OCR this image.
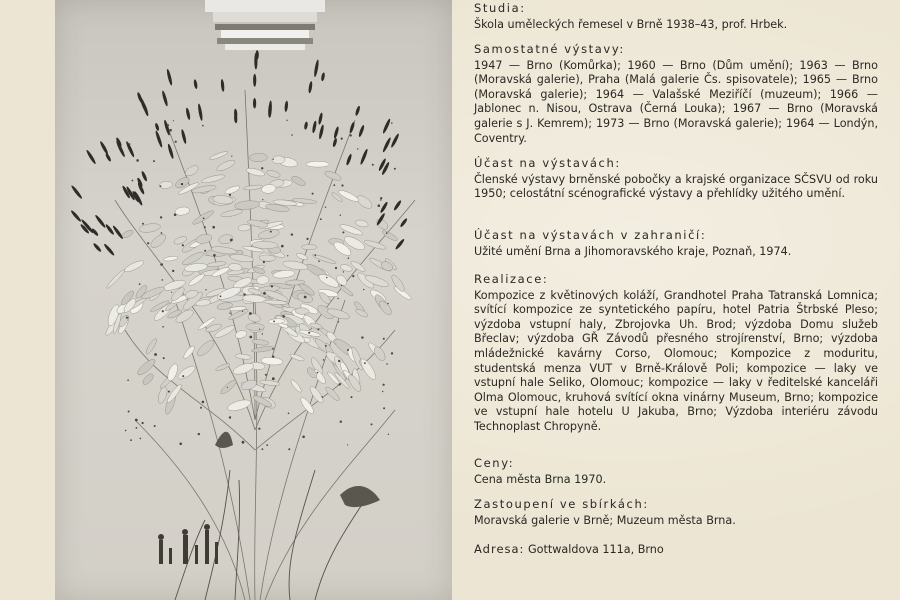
Studia:

Škola uměleckých řemesel v Brně 1938–43, prof. Hrbek.

Samostatné výstavy:

1947 — Brno (Komůrka); 1960 — Brno (Dům umění); 1963 — Brno (Moravská galerie), Praha (Malá galerie Čs. spisovatele); 1965 — Brno (Moravská galerie); 1964 — Valašské Meziříčí (muzeum); 1966 — Jablonec n. Nisou, Ostrava (Černá Louka); 1967 — Brno (Moravská galerie s J. Kemrem); 1973 — Brno (Moravská galerie); 1964 — Londýn, Coventry.

Účast na výstavách:

Členské výstavy brněnské pobočky a krajské organizace SČSVU od roku 1950; celostátní scénografické výstavy a přehlídky užitého umění.

Účast na výstavách v zahraničí:

Užité umění Brna a Jihomoravského kraje, Poznaň, 1974.

Realizace:

Kompozice z květinových koláží, Grandhotel Praha Tatranská Lomnica; svítící kompozice ze syntetického papíru, hotel Patria Štrbské Pleso; výzdoba vstupní haly, Zbrojovka Uh. Brod; výzdoba Domu služeb Břeclav; výzdoba GŘ Závodů přesného strojírenství, Brno; výzdoba mládežnické kavárny Corso, Olomouc; Kompozice z moduritu, studentská menza VUT v Brně-Králově Poli; kompozice — laky ve vstupní hale Seliko, Olomouc; kompozice — laky v ředitelské kanceláři Olma Olomouc, kruhová svítící okna vinárny Museum, Brno; kompozice ve vstupní hale hotelu U Jakuba, Brno; Výzdoba interiéru závodu Technoplast Chropyně.

Ceny:

Cena města Brna 1970.

Zastoupení ve sbírkách:

Moravská galerie v Brně; Muzeum města Brna.

Adresa: Gottwaldova 111a, Brno
